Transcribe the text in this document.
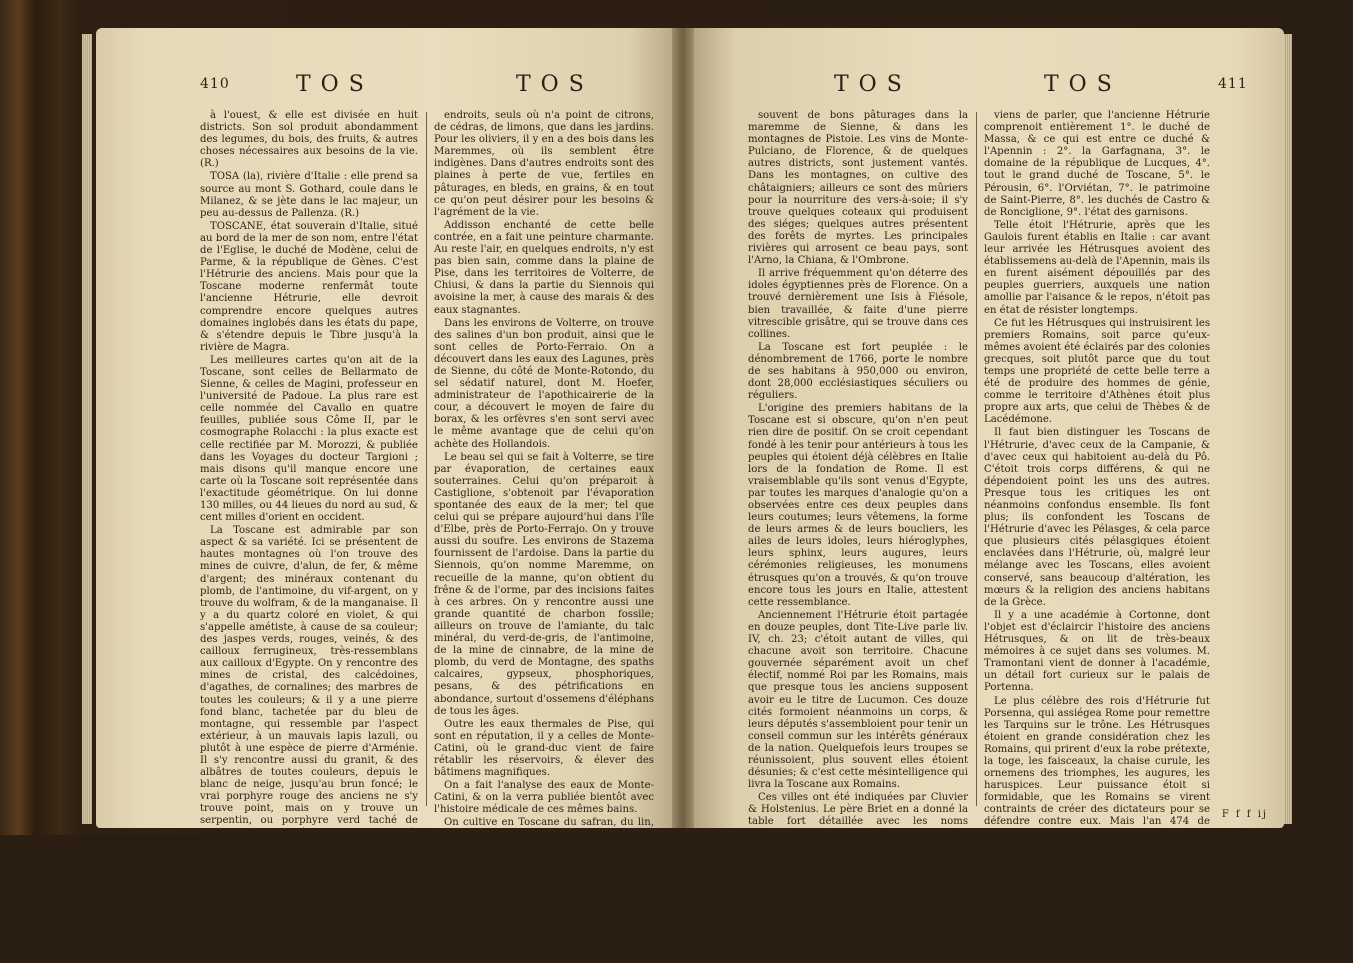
410	TOS	TOS

à l'ouest, & elle est divisée en huit districts. Son sol produit abondamment des legumes, du bois, des fruits, & autres choses nécessaires aux besoins de la vie. (R.)

TOSA (la), rivière d'Italie : elle prend sa source au mont S. Gothard, coule dans le Milanez, & se jète dans le lac majeur, un peu au-dessus de Pallenza. (R.)

TOSCANE, état souverain d'Italie, situé au bord de la mer de son nom, entre l'état de l'Eglise, le duché de Modène, celui de Parme, & la république de Gènes. C'est l'Hétrurie des anciens. Mais pour que la Toscane moderne renfermât toute l'ancienne Hétrurie, elle devroit comprendre encore quelques autres domaines inglobés dans les états du pape, & s'étendre depuis le Tibre jusqu'à la rivière de Magra.

Les meilleures cartes qu'on ait de la Toscane, sont celles de Bellarmato de Sienne, & celles de Magini, professeur en l'université de Padoue. La plus rare est celle nommée del Cavallo en quatre feuilles, publiée sous Côme II, par le cosmographe Rolacchi : la plus exacte est celle rectifiée par M. Morozzi, & publiée dans les Voyages du docteur Targioni ; mais disons qu'il manque encore une carte où la Toscane soit représentée dans l'exactitude géométrique. On lui donne 130 milles, ou 44 lieues du nord au sud, & cent milles d'orient en occident.

La Toscane est admirable par son aspect & sa variété. Ici se présentent de hautes montagnes où l'on trouve des mines de cuivre, d'alun, de fer, & même d'argent; des minéraux contenant du plomb, de l'antimoine, du vif-argent, on y trouve du wolfram, & de la manganaise. Il y a du quartz coloré en violet, & qui s'appelle amétiste, à cause de sa couleur; des jaspes verds, rouges, veinés, & des cailloux ferrugineux, très-ressemblans aux cailloux d'Egypte. On y rencontre des mines de cristal, des calcédoines, d'agathes, de cornalines; des marbres de toutes les couleurs; & il y a une pierre fond blanc, tachetée par du bleu de montagne, qui ressemble par l'aspect extérieur, à un mauvais lapis lazuli, ou plutôt à une espèce de pierre d'Arménie. Il s'y rencontre aussi du granit, & des albâtres de toutes couleurs, depuis le blanc de neige, jusqu'au brun foncé; le vrai porphyre rouge des anciens ne s'y trouve point, mais on y trouve un serpentin, ou porphyre verd taché de jaune, & noir taché de blanc, qui paroît être le lapis ophytes des anciens. On y voit aussi des pierres ollaires très-belles, & très-variées en couleur.

Ailleurs s'offrent à l'aspect des collines délicieuses, où l'on recueille quantité de vin, d'oranges, de citrons, de cédras, de limons, d'olives, & de toutes sortes de fruits. Les orangers y croissent assez bien à l'air libre en plusieurs

endroits, seuls où n'a point de citrons, de cédras, de limons, que dans les jardins. Pour les oliviers, il y en a des bois dans les Maremmes, où ils semblent être indigènes. Dans d'autres endroits sont des plaines à perte de vue, fertiles en pâturages, en bleds, en grains, & en tout ce qu'on peut désirer pour les besoins & l'agrément de la vie.

Addisson enchanté de cette belle contrée, en a fait une peinture charmante. Au reste l'air, en quelques endroits, n'y est pas bien sain, comme dans la plaine de Pise, dans les territoires de Volterre, de Chiusi, & dans la partie du Siennois qui avoisine la mer, à cause des marais & des eaux stagnantes.

Dans les environs de Volterre, on trouve des salines d'un bon produit, ainsi que le sont celles de Porto-Ferraio. On a découvert dans les eaux des Lagunes, près de Sienne, du côté de Monte-Rotondo, du sel sédatif naturel, dont M. Hoefer, administrateur de l'apothicairerie de la cour, a découvert le moyen de faire du borax, & les orfèvres s'en sont servi avec le même avantage que de celui qu'on achète des Hollandois.

Le beau sel qui se fait à Volterre, se tire par évaporation, de certaines eaux souterraines. Celui qu'on préparoit à Castiglione, s'obtenoit par l'évaporation spontanée des eaux de la mer; tel que celui qui se prépare aujourd'hui dans l'île d'Elbe, près de Porto-Ferrajo. On y trouve aussi du soufre. Les environs de Stazema fournissent de l'ardoise. Dans la partie du Siennois, qu'on nomme Maremme, on recueille de la manne, qu'on obtient du frêne & de l'orme, par des incisions faites à ces arbres. On y rencontre aussi une grande quantité de charbon fossile; ailleurs on trouve de l'amiante, du talc minéral, du verd-de-gris, de l'antimoine, de la mine de cinnabre, de la mine de plomb, du verd de Montagne, des spaths calcaires, gypseux, phosphoriques, pesans, & des pétrifications en abondance, surtout d'ossemens d'éléphans de tous les âges.

Outre les eaux thermales de Pise, qui sont en réputation, il y a celles de Monte-Catini, où le grand-duc vient de faire rétablir les réservoirs, & élever des bâtimens magnifiques.

On a fait l'analyse des eaux de Monte-Catini, & on la verra publiée bientôt avec l'histoire médicale de ces mêmes bains.

On cultive en Toscane du safran, du lin, du chanvre, de la garance, de la lutéola, du glapsem, du glayeul, qui ne forment pas pourtant des branches principales de culture. Le froment, le bled de Turquie, le sorghum, les haricots, les fèves, la vigne, les arbres fruitiers, les mûriers, les oliviers, y font des objets de plus grande importance pour les cultivateurs.

Le gros bétail, les chèvres & les chevaux

TOS	TOS	411

souvent de bons pâturages dans la maremme de Sienne, & dans les montagnes de Pistoie. Les vins de Monte-Pulciano, de Florence, & de quelques autres districts, sont justement vantés. Dans les montagnes, on cultive des châtaigniers; ailleurs ce sont des mûriers pour la nourriture des vers-à-soie; il s'y trouve quelques coteaux qui produisent des siéges; quelques autres présentent des forêts de myrtes. Les principales rivières qui arrosent ce beau pays, sont l'Arno, la Chiana, & l'Ombrone.

Il arrive fréquemment qu'on déterre des idoles égyptiennes près de Florence. On a trouvé dernièrement une Isis à Fiésole, bien travaillée, & faite d'une pierre vitrescible grisâtre, qui se trouve dans ces collines.

La Toscane est fort peuplée : le dénombrement de 1766, porte le nombre de ses habitans à 950,000 ou environ, dont 28,000 ecclésiastiques séculiers ou réguliers.

L'origine des premiers habitans de la Toscane est si obscure, qu'on n'en peut rien dire de positif. On se croit cependant fondé à les tenir pour antérieurs à tous les peuples qui étoient déjà célèbres en Italie lors de la fondation de Rome. Il est vraisemblable qu'ils sont venus d'Egypte, par toutes les marques d'analogie qu'on a observées entre ces deux peuples dans leurs coutumes; leurs vêtemens, la forme de leurs armes & de leurs boucliers, les ailes de leurs idoles, leurs hiéroglyphes, leurs sphinx, leurs augures, leurs cérémonies religieuses, les monumens étrusques qu'on a trouvés, & qu'on trouve encore tous les jours en Italie, attestent cette ressemblance.

Anciennement l'Hétrurie étoit partagée en douze peuples, dont Tite-Live parle liv. IV, ch. 23; c'étoit autant de villes, qui chacune avoit son territoire. Chacune gouvernée séparément avoit un chef électif, nommé Roi par les Romains, mais que presque tous les anciens supposent avoir eu le titre de Lucumon. Ces douze cités formoient néanmoins un corps, & leurs députés s'assembloient pour tenir un conseil commun sur les intérêts généraux de la nation. Quelquefois leurs troupes se réunissoient, plus souvent elles étoient désunies; & c'est cette mésintelligence qui livra la Toscane aux Romains.

Ces villes ont été indiquées par Cluvier & Holstenius. Le père Briet en a donné la table fort détaillée avec les noms modernes, & même ceux des endroits ruinés. Toutes ces villes furent conquises par les Romains; & sous les Césars, le nombre en fut augmenté jusqu'à quinze, si l'on s'en rapporte à deux inscriptions rapportées par Gruter. Avant ce temps-là l'Hétrurie ne contenoit que douze peuples, dont chacun avoit son lucumon, ou chef particulier.

Il résulte de la table du père Briet dont je

viens de parler, que l'ancienne Hétrurie comprenoit entièrement 1°. le duché de Massa, & ce qui est entre ce duché & l'Apennin : 2°. la Garfagnana, 3°. le domaine de la république de Lucques, 4°. tout le grand duché de Toscane, 5°. le Pérousin, 6°. l'Orviétan, 7°. le patrimoine de Saint-Pierre, 8°. les duchés de Castro & de Ronciglione, 9°. l'état des garnisons.

Telle étoit l'Hétrurie, après que les Gaulois furent établis en Italie : car avant leur arrivée les Hétrusques avoient des établissemens au-delà de l'Apennin, mais ils en furent aisément dépouillés par des peuples guerriers, auxquels une nation amollie par l'aisance & le repos, n'étoit pas en état de résister longtemps.

Ce fut les Hétrusques qui instruisirent les premiers Romains, soit parce qu'eux-mêmes avoient été éclairés par des colonies grecques, soit plutôt parce que du tout temps une propriété de cette belle terre a été de produire des hommes de génie, comme le territoire d'Athènes étoit plus propre aux arts, que celui de Thèbes & de Lacédémone.

Il faut bien distinguer les Toscans de l'Hétrurie, d'avec ceux de la Campanie, & d'avec ceux qui habitoient au-delà du Pô. C'étoit trois corps différens, & qui ne dépendoient point les uns des autres. Presque tous les critiques les ont néanmoins confondus ensemble. Ils font plus; ils confondent les Toscans de l'Hétrurie d'avec les Pélasges, & cela parce que plusieurs cités pélasgiques étoient enclavées dans l'Hétrurie, où, malgré leur mélange avec les Toscans, elles avoient conservé, sans beaucoup d'altération, les mœurs & la religion des anciens habitans de la Grèce.

Il y a une académie à Cortonne, dont l'objet est d'éclaircir l'histoire des anciens Hétrusques, & on lit de très-beaux mémoires à ce sujet dans ses volumes. M. Tramontani vient de donner à l'académie, un détail fort curieux sur le palais de Portenna.

Le plus célèbre des rois d'Hétrurie fut Porsenna, qui assiégea Rome pour remettre les Tarquins sur le trône. Les Hétrusques étoient en grande considération chez les Romains, qui prirent d'eux la robe prétexte, la toge, les faisceaux, la chaise curule, les ornemens des triomphes, les augures, les haruspices. Leur puissance étoit si formidable, que les Romains se virent contraints de créer des dictateurs pour se défendre contre eux. Mais l'an 474 de Rome, les Hétrusques furent vaincus complètement près du lac Vadimon, dans le Patrimoine de Saint-Pierre; il en resta 62,000 sur le champ de bataille; & depuis cette époque, la Toscane fut soumise aux Romains. Elle leur obéit jusqu'à l'invasion des Barbares au sixième siècle. Elle fut au pouvoir des Goths l'espace de 60 ans. De ceux-ci elle passa aux Lombards. Alboin,

F f f ij
